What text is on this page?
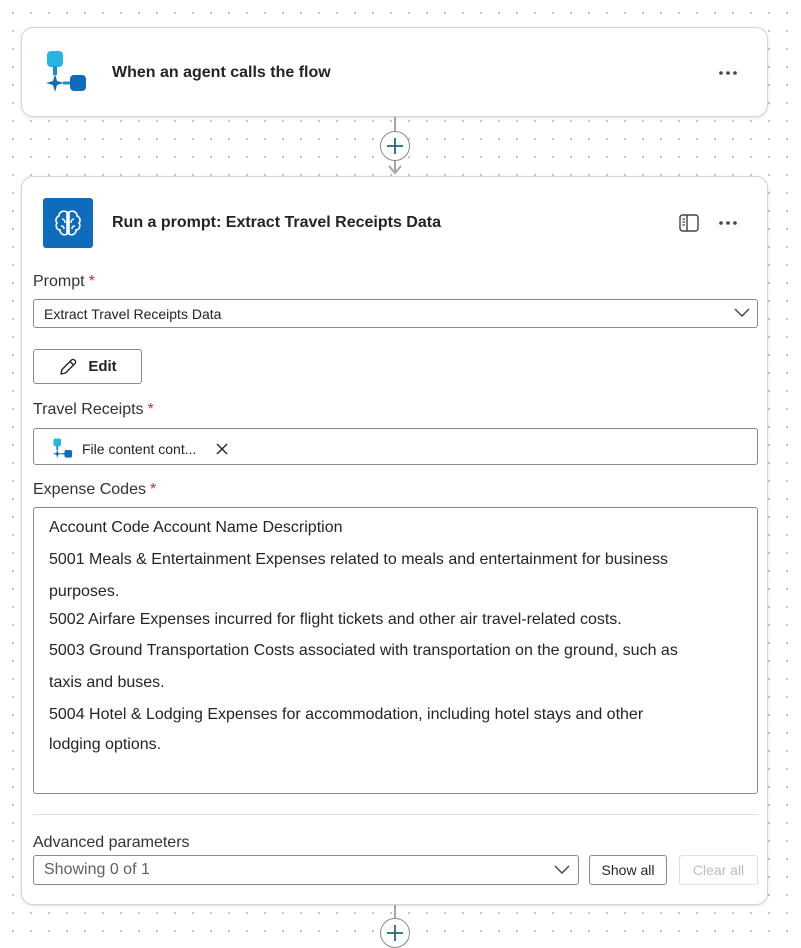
When an agent calls the flow
Run a prompt: Extract Travel Receipts Data
Prompt *
Extract Travel Receipts Data
Edit
Travel Receipts *
File content cont...
Expense Codes *
Account Code Account Name Description
5001 Meals & Entertainment Expenses related to meals and entertainment for business
purposes.
5002 Airfare Expenses incurred for flight tickets and other air travel-related costs.
5003 Ground Transportation Costs associated with transportation on the ground, such as
taxis and buses.
5004 Hotel & Lodging Expenses for accommodation, including hotel stays and other
lodging options.
Advanced parameters
Showing 0 of 1	Show all	Clear all
